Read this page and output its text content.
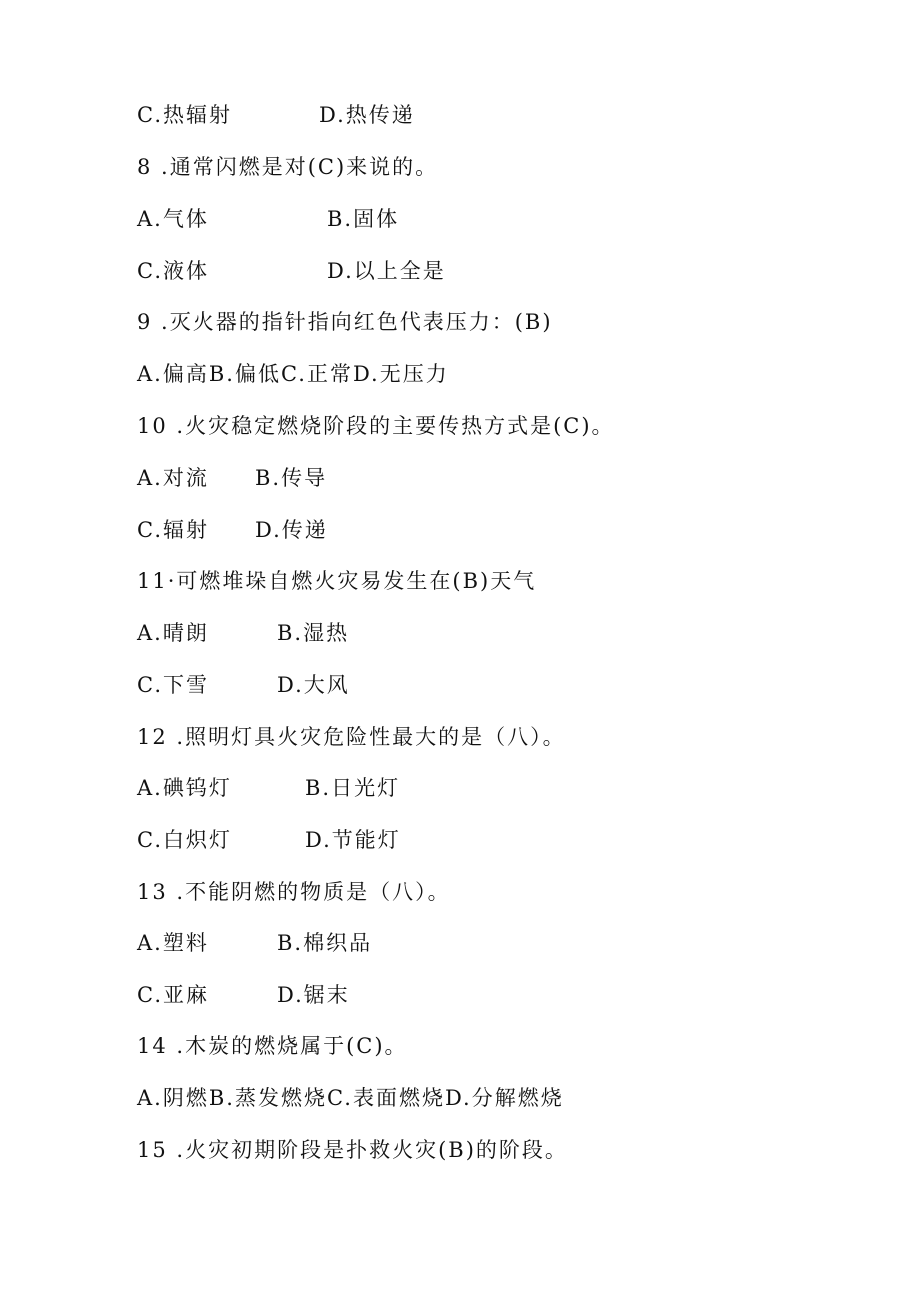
C.热辐射	D.热传递
8 .通常闪燃是对(C)来说的。
A.气体	B.固体
C.液体	D.以上全是
9 .灭火器的指针指向红色代表压力：(B)
A.偏高B.偏低C.正常D.无压力
10 .火灾稳定燃烧阶段的主要传热方式是(C)。
A.对流 B.传导
C.辐射 D.传递
11·可燃堆垛自燃火灾易发生在(B)天气
A.晴朗	B.湿热
C.下雪	D.大风
12 .照明灯具火灾危险性最大的是（八）。
A.碘钨灯	B.日光灯
C.白炽灯	D.节能灯
13 .不能阴燃的物质是（八）。
A.塑料	B.棉织品
C.亚麻	D.锯末
14 .木炭的燃烧属于(C)。
A.阴燃B.蒸发燃烧C.表面燃烧D.分解燃烧
15 .火灾初期阶段是扑救火灾(B)的阶段。
